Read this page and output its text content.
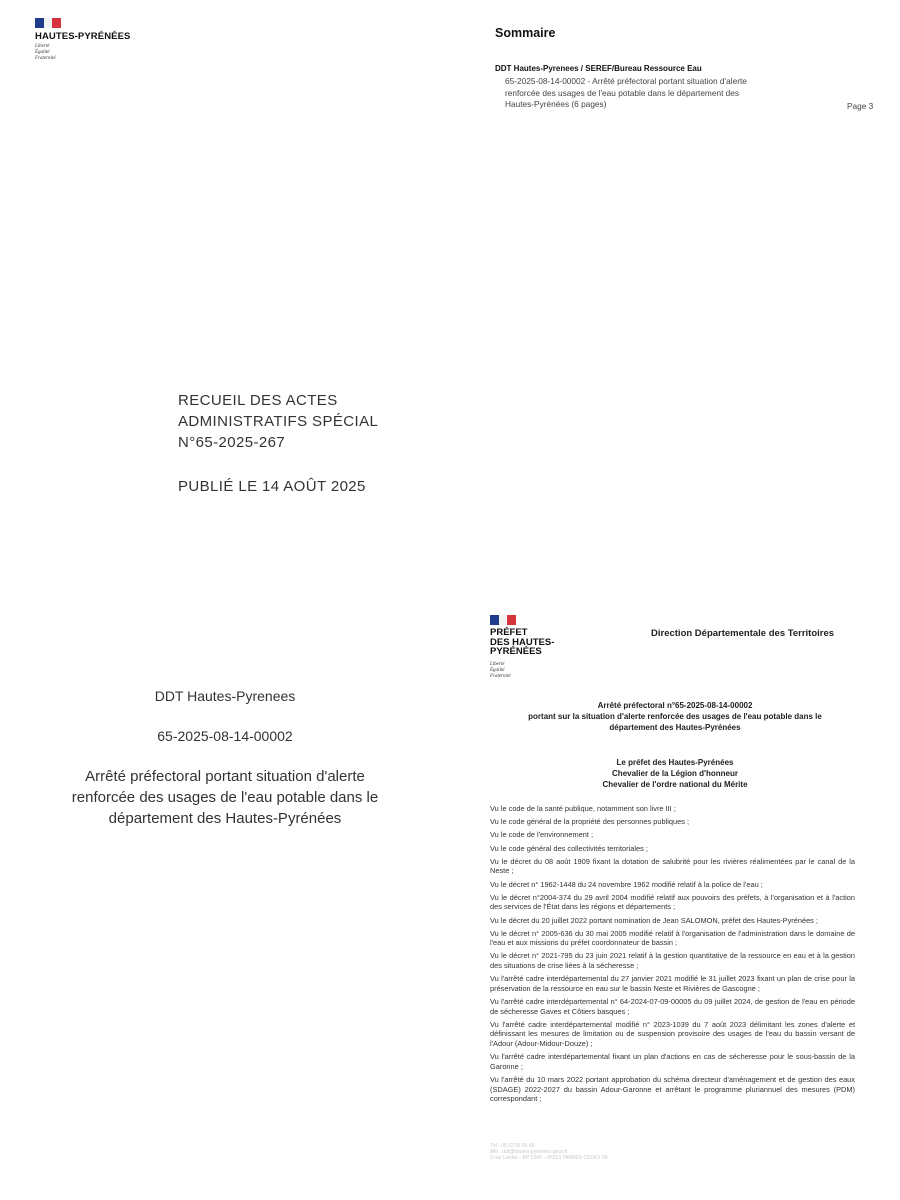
HAUTES-PYRÉNÉES
Liberté
Égalité
Fraternité
RECUEIL DES ACTES
ADMINISTRATIFS SPÉCIAL
N°65-2025-267
PUBLIÉ LE 14 AOÛT 2025
Sommaire
DDT Hautes-Pyrenees / SEREF/Bureau Ressource Eau
65-2025-08-14-00002 - Arrêté préfectoral portant situation d'alerte
renforcée des usages de l'eau potable dans le département des
Hautes-Pyrénées (6 pages)	Page 3
DDT Hautes-Pyrenees
65-2025-08-14-00002
Arrêté préfectoral portant situation d'alerte
renforcée des usages de l'eau potable dans le
département des Hautes-Pyrénées
PRÉFET
DES HAUTES-
PYRÉNÉES
Liberté
Égalité
Fraternité
Direction Départementale des Territoires
Arrêté préfectoral n°65-2025-08-14-00002
portant sur la situation d'alerte renforcée des usages de l'eau potable dans le
département des Hautes-Pyrénées
Le préfet des Hautes-Pyrénées
Chevalier de la Légion d'honneur
Chevalier de l'ordre national du Mérite
Vu le code de la santé publique, notamment son livre III ;
Vu le code général de la propriété des personnes publiques ;
Vu le code de l'environnement ;
Vu le code général des collectivités territoriales ;
Vu le décret du 08 août 1909 fixant la dotation de salubrité pour les rivières réalimentées par le canal de la Neste ;
Vu le décret n° 1962-1448 du 24 novembre 1962 modifié relatif à la police de l'eau ;
Vu le décret n°2004-374 du 29 avril 2004 modifié relatif aux pouvoirs des préfets, à l'organisation et à l'action des services de l'État dans les régions et départements ;
Vu le décret du 20 juillet 2022 portant nomination de Jean SALOMON, préfet des Hautes-Pyrénées ;
Vu le décret n° 2005-636 du 30 mai 2005 modifié relatif à l'organisation de l'administration dans le domaine de l'eau et aux missions du préfet coordonnateur de bassin ;
Vu le décret n° 2021-795 du 23 juin 2021 relatif à la gestion quantitative de la ressource en eau et à la gestion des situations de crise liées à la sécheresse ;
Vu l'arrêté cadre interdépartemental du 27 janvier 2021 modifié le 31 juillet 2023 fixant un plan de crise pour la préservation de la ressource en eau sur le bassin Neste et Rivières de Gascogne ;
Vu l'arrêté cadre interdépartemental n° 64-2024-07-09-00005 du 09 juillet 2024, de gestion de l'eau en période de sécheresse Gaves et Côtiers basques ;
Vu l'arrêté cadre interdépartemental modifié n° 2023-1039 du 7 août 2023 délimitant les zones d'alerte et définissant les mesures de limitation ou de suspension provisoire des usages de l'eau du bassin versant de l'Adour (Adour-Midour-Douze) ;
Vu l'arrêté cadre interdépartemental fixant un plan d'actions en cas de sécheresse pour le sous-bassin de la Garonne ;
Vu l'arrêté du 10 mars 2022 portant approbation du schéma directeur d'aménagement et de gestion des eaux (SDAGE) 2022-2027 du bassin Adour-Garonne et arrêtant le programme pluriannuel des mesures (PDM) correspondant ;
Tél : 05 62 56 65 65
Mél : ddt@hautes-pyrenees.gouv.fr
3 rue Lordat – BP 1349 – 65013 TARBES CEDEX 09
